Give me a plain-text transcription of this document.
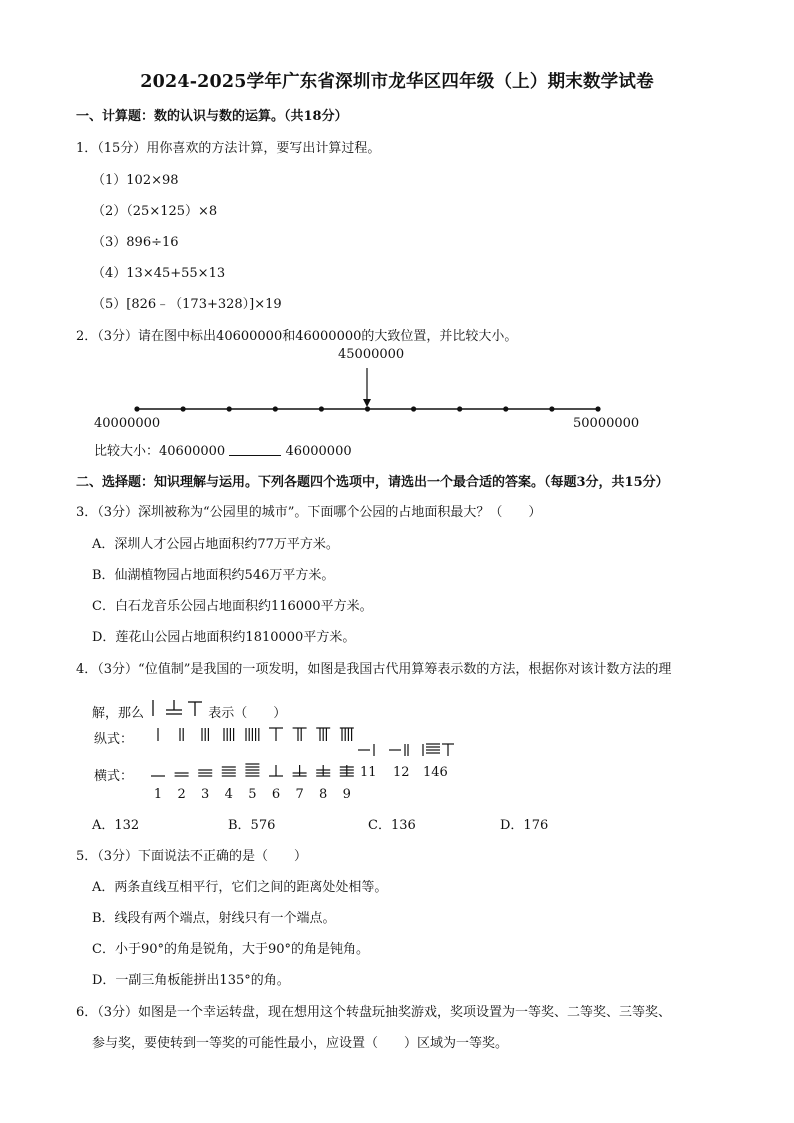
2024-2025学年广东省深圳市龙华区四年级（上）期末数学试卷
一、计算题：数的认识与数的运算。（共18分）
1．（15分）用你喜欢的方法计算，要写出计算过程。
（1）102×98
（2）（25×125）×8
（3）896÷16
（4）13×45+55×13
（5）[826﹣（173+328）]×19
2．（3分）请在图中标出40600000和46000000的大致位置，并比较大小。
45000000
40000000	50000000
比较大小：40600000	46000000
二、选择题：知识理解与运用。下列各题四个选项中，请选出一个最合适的答案。（每题3分，共15分）
3．（3分）深圳被称为“公园里的城市”。下面哪个公园的占地面积最大？（　　）
A．深圳人才公园占地面积约77万平方米。
B．仙湖植物园占地面积约546万平方米。
C．白石龙音乐公园占地面积约116000平方米。
D．莲花山公园占地面积约1810000平方米。
4．（3分）“位值制”是我国的一项发明，如图是我国古代用算筹表示数的方法，根据你对该计数方法的理
解，那么	表示（　　）
纵式：
横式：	11 12 146
1	2	3	4	5	6	7	8	9
A．132	B．576	C．136	D．176
5．（3分）下面说法不正确的是（　　）
A．两条直线互相平行，它们之间的距离处处相等。
B．线段有两个端点，射线只有一个端点。
C．小于90°的角是锐角，大于90°的角是钝角。
D．一副三角板能拼出135°的角。
6．（3分）如图是一个幸运转盘，现在想用这个转盘玩抽奖游戏，奖项设置为一等奖、二等奖、三等奖、
参与奖，要使转到一等奖的可能性最小，应设置（　　）区域为一等奖。
